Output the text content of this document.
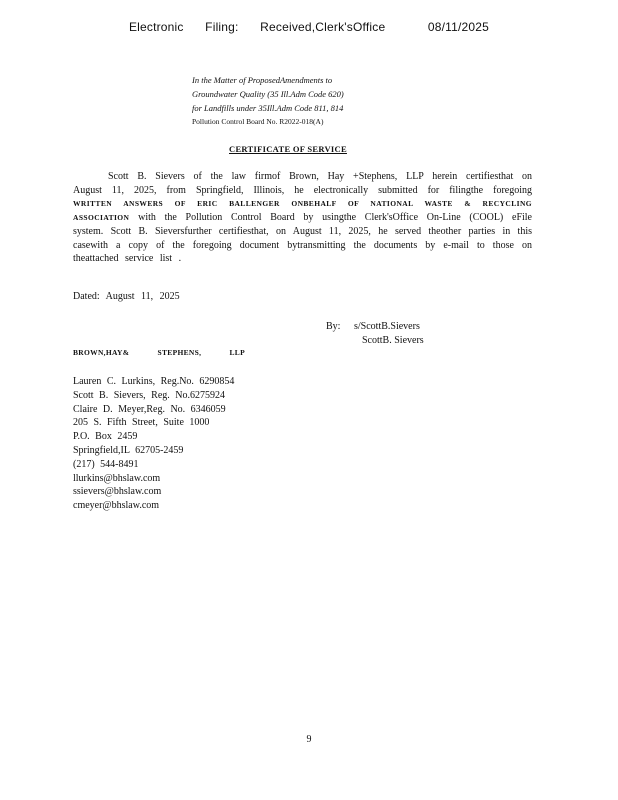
Electronic Filing: Received,Clerk'sOffice	08/11/2025
In the Matter of ProposedAmendments to
Groundwater Quality (35 Ill.Adm Code 620)
for Landfills under 35Ill.Adm Code 811, 814
Pollution Control Board No. R2022-018(A)
CERTIFICATE OF SERVICE

Scott B. Sievers of the law firmof Brown, Hay +Stephens, LLP herein certifiesthat on August 11, 2025, from Springfield, Illinois, he electronically submitted for filingthe foregoing WRITTEN ANSWERS OF ERIC BALLENGER ONBEHALF OF NATIONAL WASTE & RECYCLING ASSOCIATION with the Pollution Control Board by usingthe Clerk'sOffice On-Line (COOL) eFile system. Scott B. Sieversfurther certifiesthat, on August 11, 2025, he served theother parties in this casewith a copy of the foregoing document bytransmitting the documents by e-mail to those on theattached service list .

Dated: August 11, 2025
By: s/ScottB.Sievers
ScottB. Sievers
BROWN,HAY&	STEPHENS,	LLP
Lauren C. Lurkins, Reg.No. 6290854
Scott B. Sievers, Reg. No.6275924
Claire D. Meyer,Reg. No. 6346059
205 S. Fifth Street, Suite 1000
P.O. Box 2459
Springfield,IL 62705-2459
(217) 544-8491
llurkins@bhslaw.com
ssievers@bhslaw.com
cmeyer@bhslaw.com
9
